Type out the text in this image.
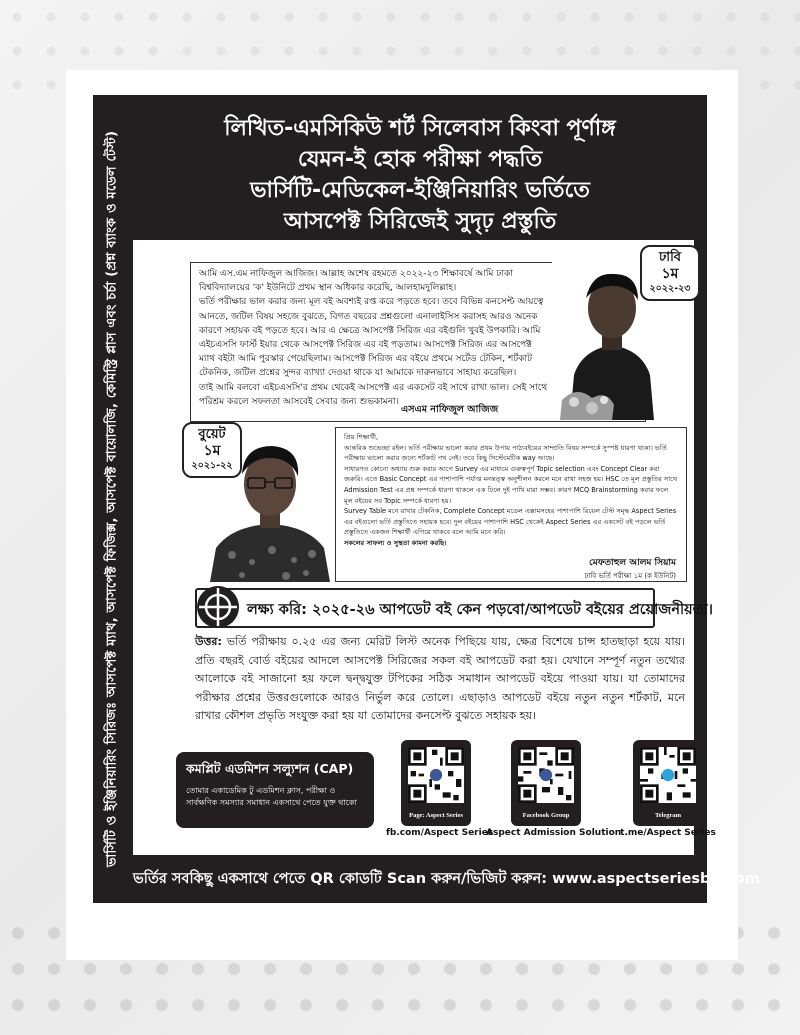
ভার্সিটি ও ইঞ্জিনিয়ারিং সিরিজঃ আসপেক্ট ম্যাথ, আসপেক্ট ফিজিক্স, আসপেক্ট বায়োলজি, কেমিস্ট্রি প্লাস এবং চর্চা (প্রশ্ন ব্যাংক ও মডেল টেস্ট)
লিখিত-এমসিকিউ শর্ট সিলেবাস কিংবা পূর্ণাঙ্গ
যেমন-ই হোক পরীক্ষা পদ্ধতি
ভার্সিটি-মেডিকেল-ইঞ্জিনিয়ারিং ভর্তিতে
আসপেক্ট সিরিজেই সুদৃঢ় প্রস্তুতি

আমি এস.এম নাফিজুল আজিজ। আল্লাহ অশেষ রহমতে ২০২২-২৩ শিক্ষাবর্ষে আমি ঢাকা বিশ্ববিদ্যালয়ের 'ক' ইউনিটে প্রথম স্থান অধিকার করেছি, আলহামদুলিল্লাহ।

ভর্তি পরীক্ষার ভাল করার জন্য মূল বই অবশ্যই রপ্ত করে পড়তে হবে। তবে বিভিন্ন কনসেপ্ট আয়ত্বে আনতে, জটিল বিষয় সহজে বুঝতে, বিগত বছরের প্রশ্নগুলো এনালাইসিস করাসহ আরও অনেক কারণে সহায়ক বই পড়তে হবে। আর এ ক্ষেত্রে আসপেক্ট সিরিজ এর বইগুলি খুবই উপকারি। আমি এইচএসসি ফার্স্ট ইয়ার থেকে আসপেক্ট সিরিজ এর বই পড়তাম। আসপেক্ট সিরিজ এর আসপেক্ট ম্যাথ বইটা আমি পুরস্কার পেয়েছিলাম। আসপেক্ট সিরিজ এর বইয়ে প্রথমে সর্টেড টেকিন, শর্টকাট টেকনিক, জটিল প্রশ্নের সুন্দর ব্যাখ্যা দেওয়া থাকে যা আমাকে দারুনভাবে সাহায্য করেছিল।

তাই আমি বলবো এইচএসসি'র প্রথম থেকেই আসপেক্ট এর একসেট বই সাথে রাখা ভাল। সেই সাথে পরিশ্রম করলে সফলতা আসবেই সেবার জন্য শুভকামনা।

এসএম নাফিজুল আজিজ
ঢাবি
১ম
২০২২-২৩
বুয়েট
১ম
২০২১-২২

প্রিয় শিক্ষার্থী,

আন্তরিক শুভেচ্ছা রইল। ভর্তি পরীক্ষায় ভালো করার প্রথম উপায় পাঠ্যবইয়ের সাম্প্রতি বিষয় সম্পর্কে সুস্পষ্ট ধারণা থাকা। ভর্তি পরীক্ষায় ভালো করার জন্যে শর্টকাট পথ নেই। তবে কিছু সিস্টেমেটিক way আছে।

সাধারণত কোনো অধ্যায় শুরু করার আগে Survey এর মাধ্যমে গুরুত্বপূর্ণ Topic selection এবং Concept Clear করা জরুরি। এতে Basic Concept এর পাশাপাশি পর্যাপ্ত মনন্তত্ত্ব অনুশীলন করলে মনে রাখা সহজ হয়। HSC তে মূল প্রস্তুতির সাথে Admission Test এর প্রশ্ন সম্পর্কে ধারণা থাকলে এক ঢিলে দুই পাখি মারা সম্ভব। কারণ MCQ Brainstorming করার ফলে মূল বইয়ের সব Topic সম্পর্কে ধারণা হয়।

Survey Table মনে রাখার টেকনিক, Complete Concept মডেল এক্সামসহের পাশাপাশি রিয়েল টেস্ট সমৃদ্ধ Aspect Series এর বইগুলো ভর্তি প্রস্তুতিতে সহায়ক হবে। দুল বইয়ের পাশাপাশি HSC থেকেই Aspect Series এর একসেট বই পড়লে ভর্তি প্রস্তুতিতে একজন শিক্ষার্থী এগিয়ে থাকবে বলে আমি মনে করি।

সকলের সাফল্য ও সুস্থতা কামনা করছি।

মেফতাহুল আলম সিয়াম
ঢাবি ভর্তি পরীক্ষা ১ম (ক ইউনিট)
লক্ষ্য করি: ২০২৫-২৬ আপডেট বই কেন পড়বো/আপডেট বইয়ের প্রয়োজনীয়তা।
উত্তর: ভর্তি পরীক্ষায় ০.২৫ এর জন্য মেরিট লিস্ট অনেক পিছিয়ে যায়, ক্ষেত্র বিশেষে চান্স হাতছাড়া হয়ে যায়। প্রতি বছরই বোর্ড বইয়ের আদলে আসপেক্ট সিরিজের সকল বই আপডেট করা হয়। যেখানে সম্পূর্ণ নতুন তথ্যের আলোকে বই সাজানো হয় ফলে দ্বন্দ্বযুক্ত টপিকের সঠিক সমাধান আপডেট বইয়ে পাওয়া যায়। যা তোমাদের পরীক্ষার প্রশ্নের উত্তরগুলোকে আরও নির্ভুল করে তোলে। এছাড়াও আপডেট বইয়ে নতুন নতুন শর্টকাট, মনে রাখার কৌশল প্রভৃতি সংযুক্ত করা হয় যা তোমাদের কনসেপ্ট বুঝতে সহায়ক হয়।
কমপ্লিট এডমিশন সল্যুশন (CAP)
তোমার একাডেমিক টু এডমিশন ক্লাস, পরীক্ষা ও সার্বক্ষণিক সমস্যার সমাধান একসাথে পেতে যুক্ত থাকো
Page: Aspect Series
fb.com/Aspect Series
Facebook Group
Aspect Admission Solution
Telegram
t.me/Aspect Series
ভর্তির সবকিছু একসাথে পেতে QR কোডটি Scan করুন/ভিজিট করুন: www.aspectseriesbd.com
